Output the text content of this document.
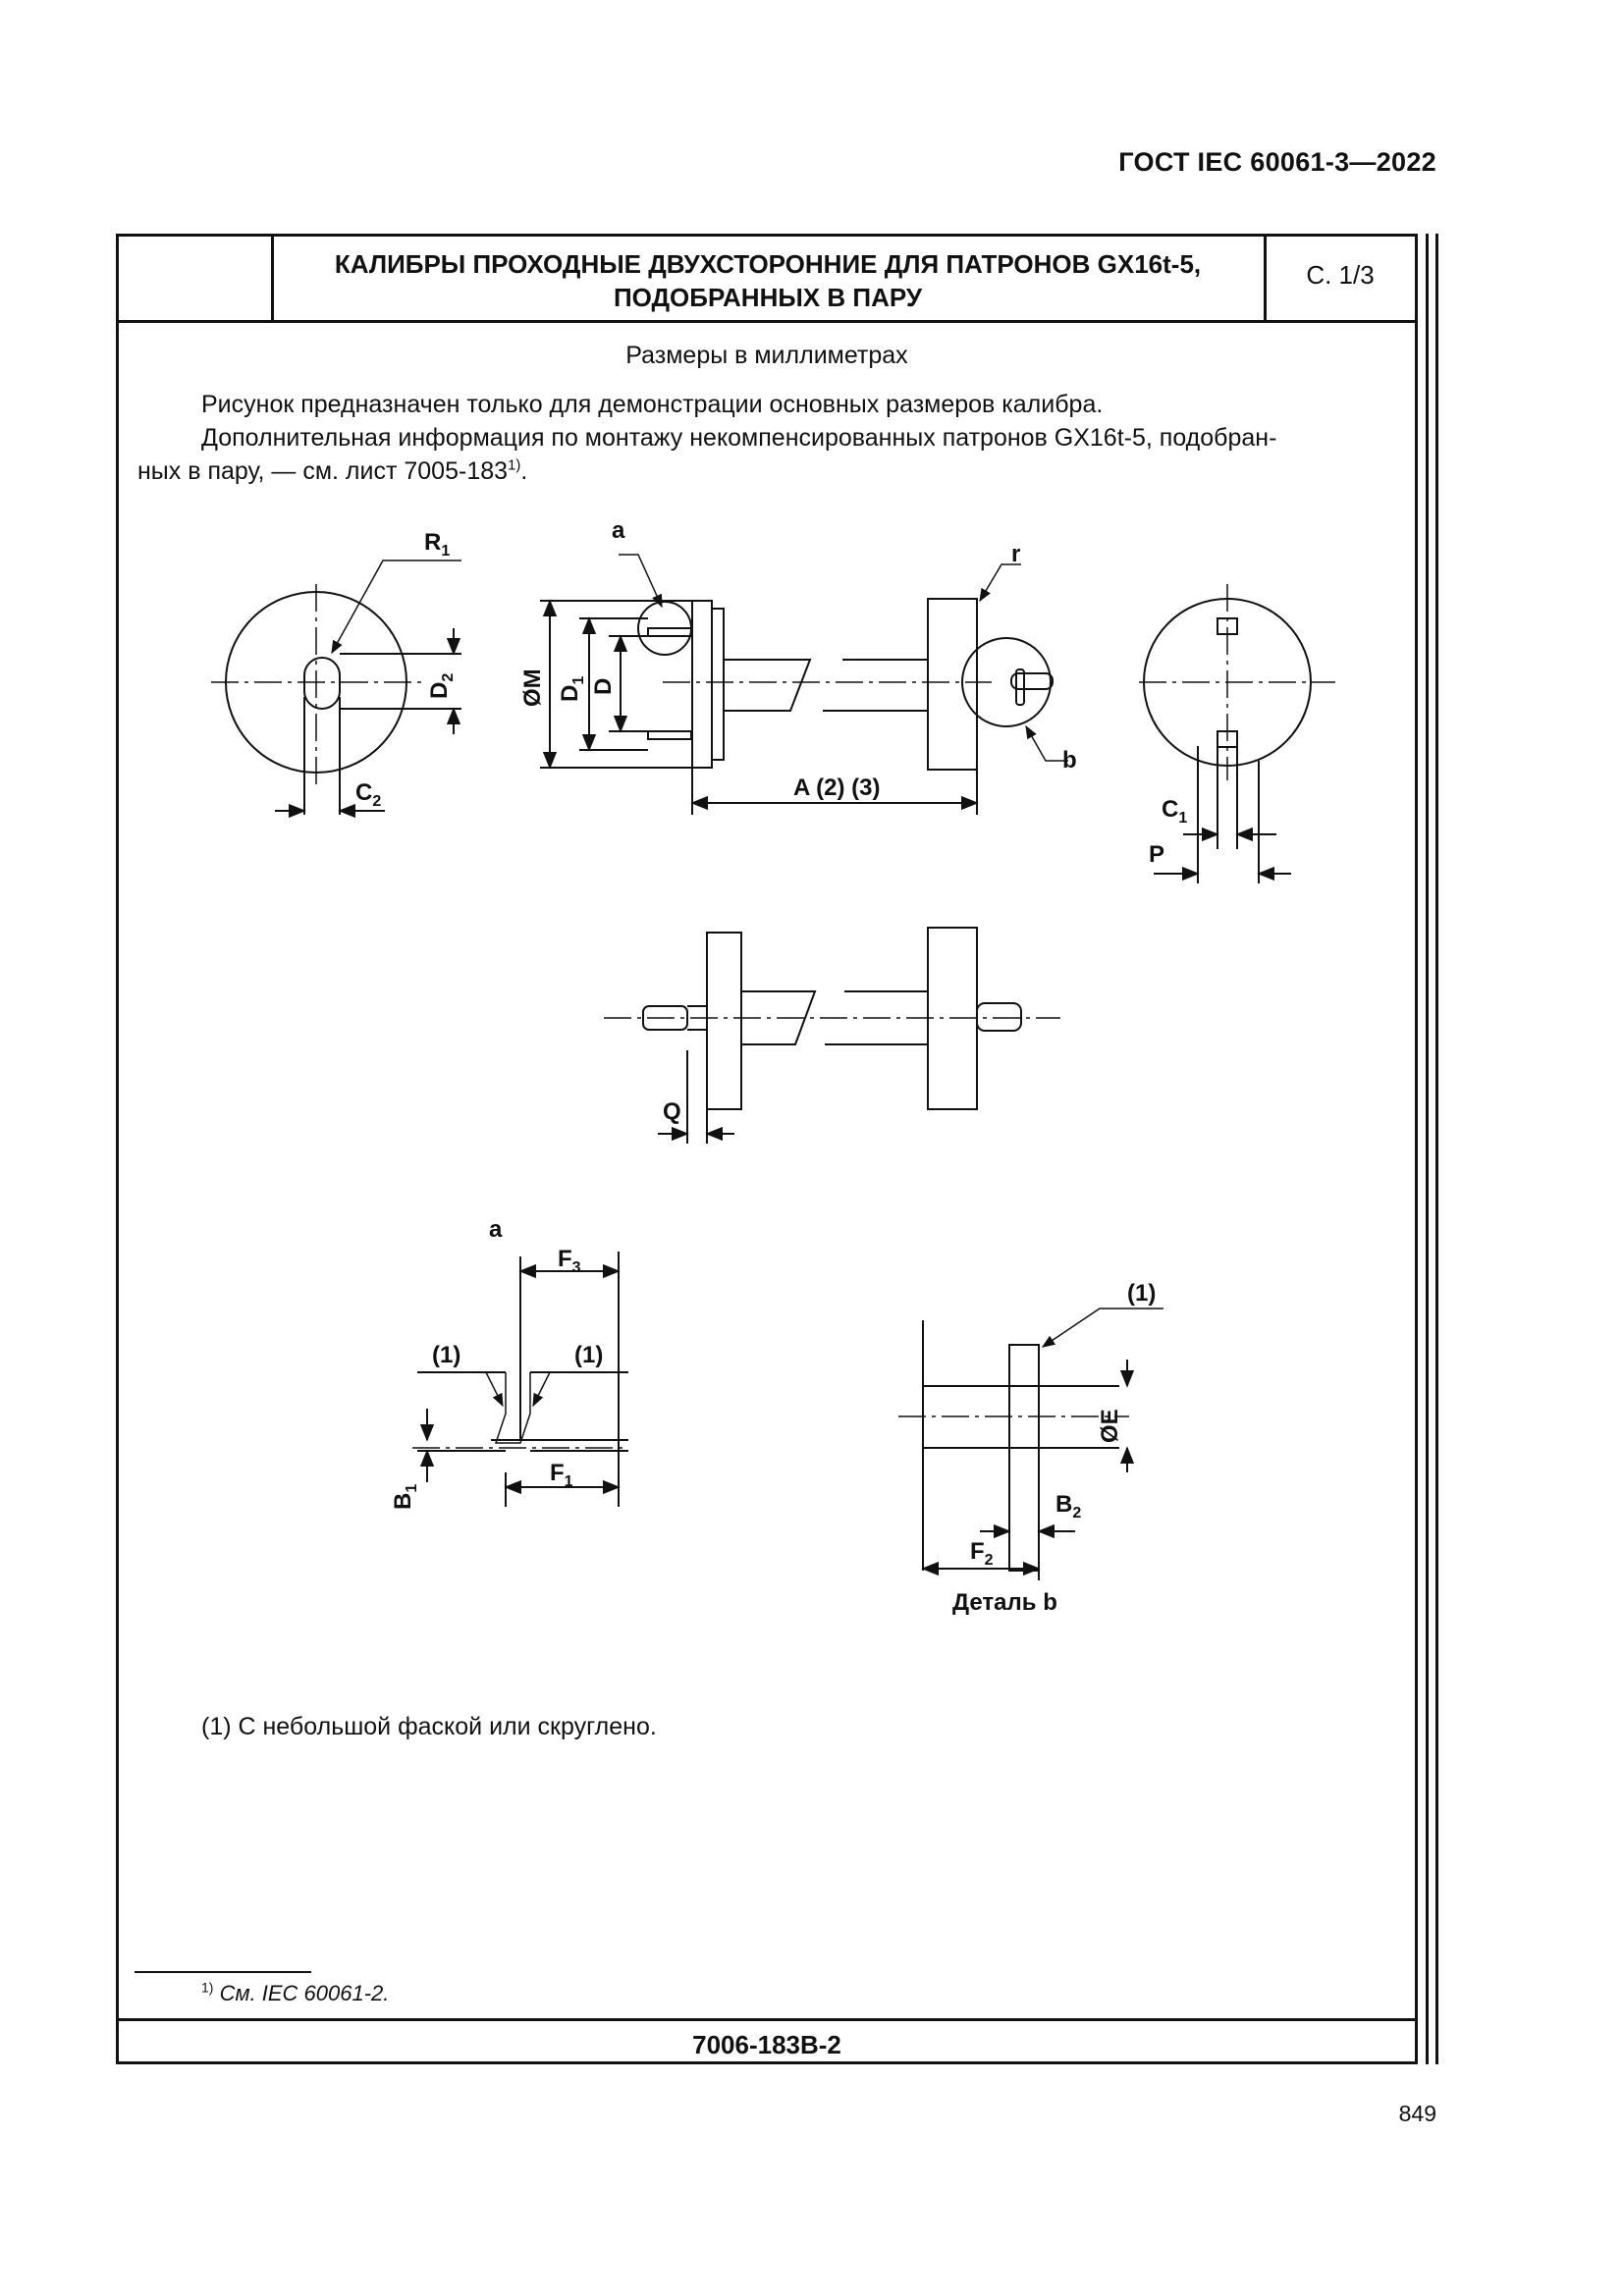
ГОСТ IEC 60061-3—2022
КАЛИБРЫ ПРОХОДНЫЕ ДВУХСТОРОННИЕ ДЛЯ ПАТРОНОВ GX16t-5,
ПОДОБРАННЫХ В ПАРУ
С. 1/3
Размеры в миллиметрах
Рисунок предназначен только для демонстрации основных размеров калибра.
Дополнительная информация по монтажу некомпенсированных патронов GX16t-5, подобран-
ных в пару, — см. лист 7005-183$^{1)}$.
$R_1$
$C_2$
$D_2$
a
r
b
ØM $D_1$ D
A (2) (3)
$C_1$
P
Q
a
$F_3$
(1)	(1)
$B_1$
$F_1$
(1)
ØE
$B_2$
$F_2$
Деталь b
(1) С небольшой фаской или скруглено.
$^{1)}$ См. IEC 60061-2.
7006-183B-2
849
